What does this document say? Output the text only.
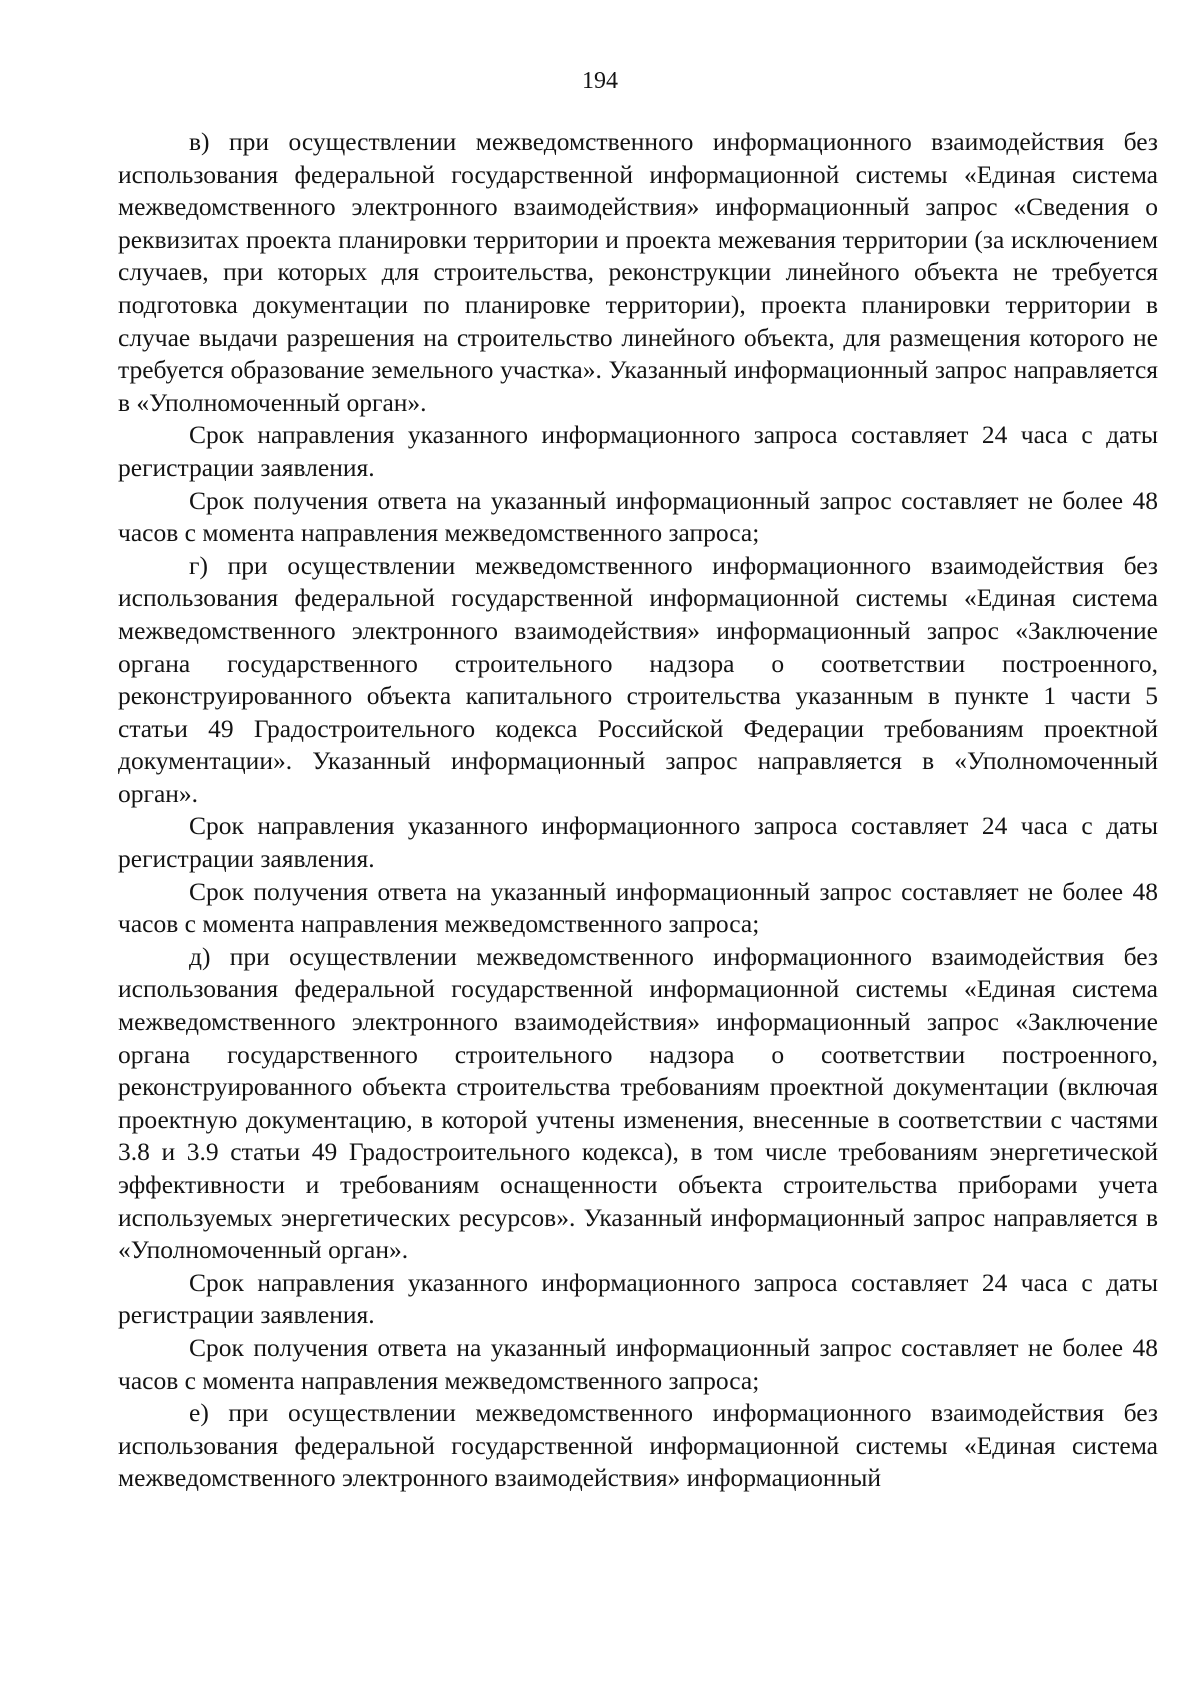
194

в) при осуществлении межведомственного информационного взаимодействия без использования федеральной государственной информационной системы «Единая система межведомственного электронного взаимодействия» информационный запрос «Сведения о реквизитах проекта планировки территории и проекта межевания территории (за исключением случаев, при которых для строительства, реконструкции линейного объекта не требуется подготовка документации по планировке территории), проекта планировки территории в случае выдачи разрешения на строительство линейного объекта, для размещения которого не требуется образование земельного участка». Указанный информационный запрос направляется в «Уполномоченный орган».

Срок направления указанного информационного запроса составляет 24 часа с даты регистрации заявления.

Срок получения ответа на указанный информационный запрос составляет не более 48 часов с момента направления межведомственного запроса;

г) при осуществлении межведомственного информационного взаимодействия без использования федеральной государственной информационной системы «Единая система межведомственного электронного взаимодействия» информационный запрос «Заключение органа государственного строительного надзора о соответствии построенного, реконструированного объекта капитального строительства указанным в пункте 1 части 5 статьи 49 Градостроительного кодекса Российской Федерации требованиям проектной документации». Указанный информационный запрос направляется в «Уполномоченный орган».

Срок направления указанного информационного запроса составляет 24 часа с даты регистрации заявления.

Срок получения ответа на указанный информационный запрос составляет не более 48 часов с момента направления межведомственного запроса;

д) при осуществлении межведомственного информационного взаимодействия без использования федеральной государственной информационной системы «Единая система межведомственного электронного взаимодействия» информационный запрос «Заключение органа государственного строительного надзора о соответствии построенного, реконструированного объекта строительства требованиям проектной документации (включая проектную документацию, в которой учтены изменения, внесенные в соответствии с частями 3.8 и 3.9 статьи 49 Градостроительного кодекса), в том числе требованиям энергетической эффективности и требованиям оснащенности объекта строительства приборами учета используемых энергетических ресурсов». Указанный информационный запрос направляется в «Уполномоченный орган».

Срок направления указанного информационного запроса составляет 24 часа с даты регистрации заявления.

Срок получения ответа на указанный информационный запрос составляет не более 48 часов с момента направления межведомственного запроса;

е) при осуществлении межведомственного информационного взаимодействия без использования федеральной государственной информационной системы «Единая система межведомственного электронного взаимодействия» информационный
